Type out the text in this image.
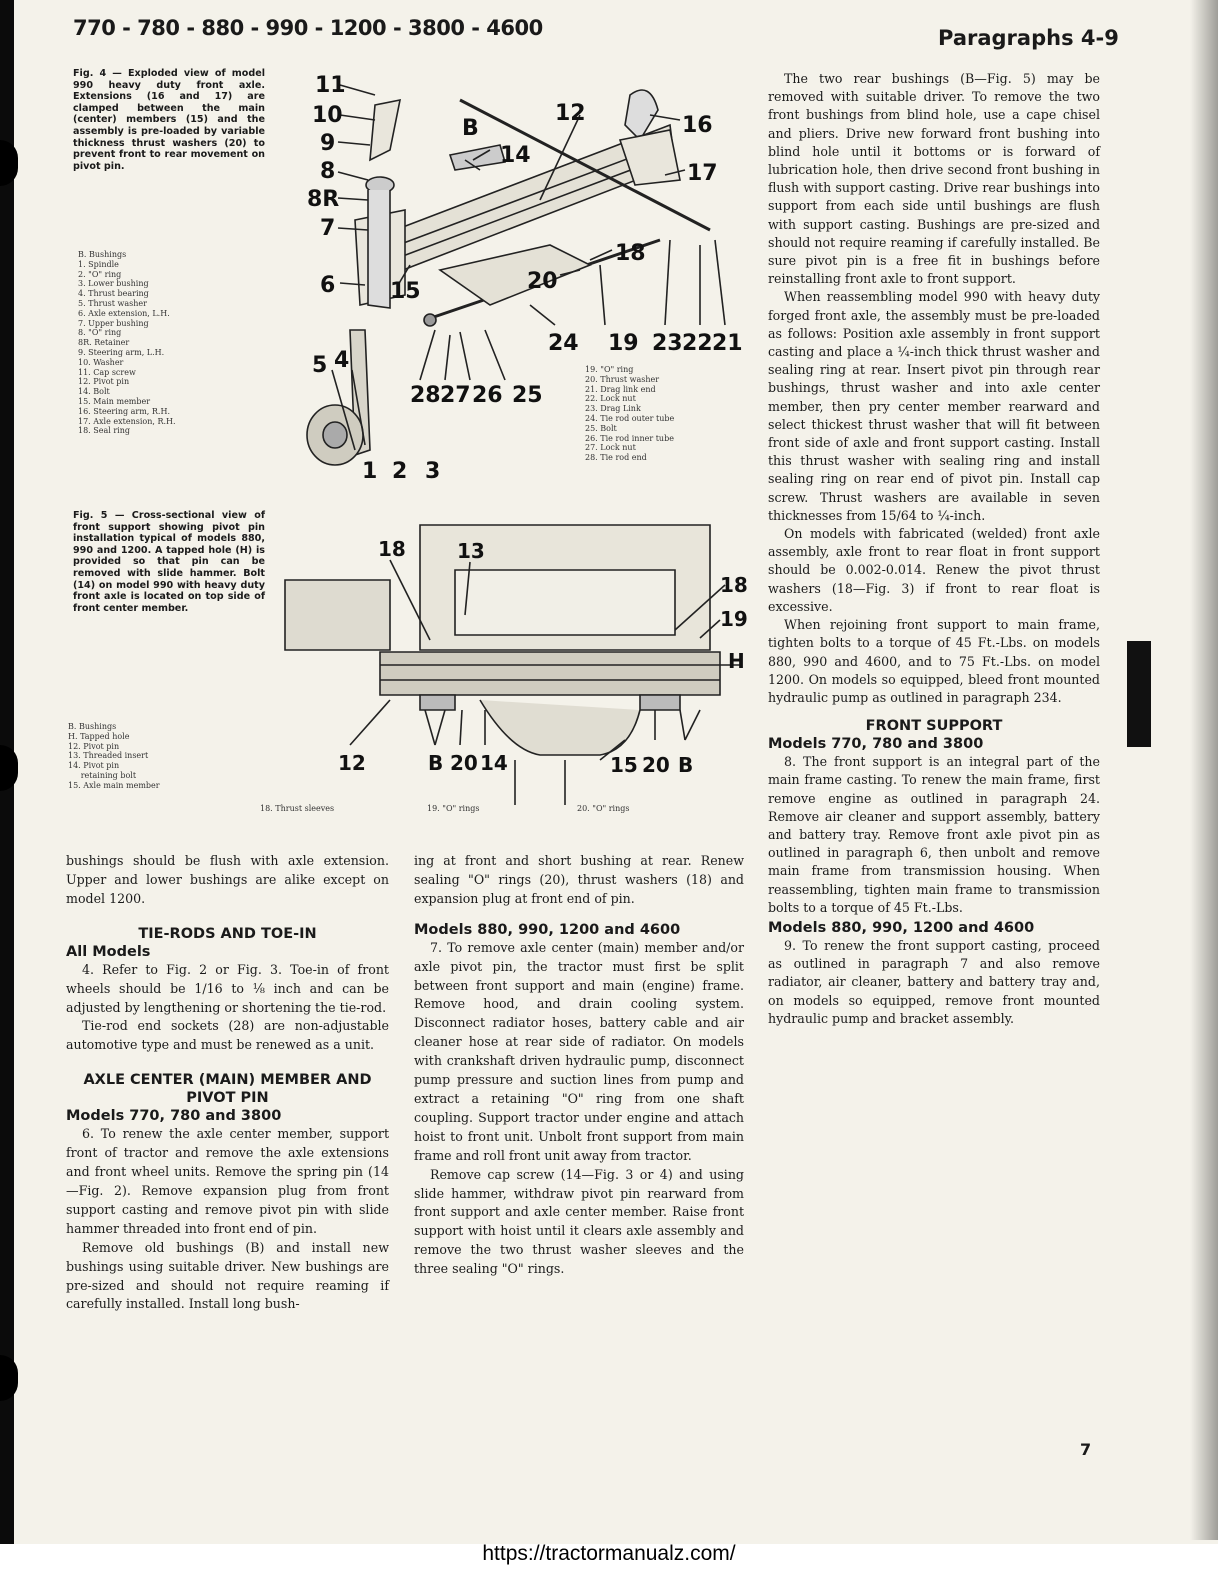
770 - 780 - 880 - 990 - 1200 - 3800 - 4600	Paragraphs 4-9
Fig. 4 — Exploded view of model 990 heavy duty front axle. Extensions (16 and 17) are clamped between the main (center) members (15) and the assembly is pre-loaded by variable thickness thrust washers (20) to prevent front to rear movement on pivot pin.
B. Bushings
1. Spindle
2. "O" ring
3. Lower bushing
4. Thrust bearing
5. Thrust washer
6. Axle extension, L.H.
7. Upper bushing
8. "O" ring
8R. Retainer
9. Steering arm, L.H.
10. Washer
11. Cap screw
12. Pivot pin
14. Bolt
15. Main member
16. Steering arm, R.H.
17. Axle extension, R.H.
18. Seal ring
19. "O" ring
20. Thrust washer
21. Drag link end
22. Lock nut
23. Drag Link
24. Tie rod outer tube
25. Bolt
26. Tie rod inner tube
27. Lock nut
28. Tie rod end
11
10
9
8
8R
7
6
B
12
14
16
17
18
15	20
24 19 23 22 21
5 4
1 2 3
28 27 26 25
Fig. 5 — Cross-sectional view of front support showing pivot pin installation typical of models 880, 990 and 1200. A tapped hole (H) is provided so that pin can be removed with slide hammer. Bolt (14) on model 990 with heavy duty front axle is located on top side of front center member.
B. Bushings
H. Tapped hole
12. Pivot pin
13. Threaded insert
14. Pivot pin
retaining bolt
15. Axle main member
18. Thrust sleeves	19. "O" rings	20. "O" rings
18	13
18
19
H
12	B 20 14	15 20 B

bushings should be flush with axle extension. Upper and lower bushings are alike except on model 1200.

TIE-RODS AND TOE-IN
All Models

4. Refer to Fig. 2 or Fig. 3. Toe-in of front wheels should be 1/16 to ⅛ inch and can be adjusted by lengthening or shortening the tie-rod.

Tie-rod end sockets (28) are non-adjustable automotive type and must be renewed as a unit.

AXLE CENTER (MAIN) MEMBER AND PIVOT PIN
Models 770, 780 and 3800

6. To renew the axle center member, support front of tractor and remove the axle extensions and front wheel units. Remove the spring pin (14—Fig. 2). Remove expansion plug from front support casting and remove pivot pin with slide hammer threaded into front end of pin.

Remove old bushings (B) and install new bushings using suitable driver. New bushings are pre-sized and should not require reaming if carefully installed. Install long bush-

ing at front and short bushing at rear. Renew sealing "O" rings (20), thrust washers (18) and expansion plug at front end of pin.

Models 880, 990, 1200 and 4600

7. To remove axle center (main) member and/or axle pivot pin, the tractor must first be split between front support and main (engine) frame. Remove hood, and drain cooling system. Disconnect radiator hoses, battery cable and air cleaner hose at rear side of radiator. On models with crankshaft driven hydraulic pump, disconnect pump pressure and suction lines from pump and extract a retaining "O" ring from one shaft coupling. Support tractor under engine and attach hoist to front unit. Unbolt front support from main frame and roll front unit away from tractor.

Remove cap screw (14—Fig. 3 or 4) and using slide hammer, withdraw pivot pin rearward from front support and axle center member. Raise front support with hoist until it clears axle assembly and remove the two thrust washer sleeves and the three sealing "O" rings.

The two rear bushings (B—Fig. 5) may be removed with suitable driver. To remove the two front bushings from blind hole, use a cape chisel and pliers. Drive new forward front bushing into blind hole until it bottoms or is forward of lubrication hole, then drive second front bushing in flush with support casting. Drive rear bushings into support from each side until bushings are flush with support casting. Bushings are pre-sized and should not require reaming if carefully installed. Be sure pivot pin is a free fit in bushings before reinstalling front axle to front support.

When reassembling model 990 with heavy duty forged front axle, the assembly must be pre-loaded as follows: Position axle assembly in front support casting and place a ¼-inch thick thrust washer and sealing ring at rear. Insert pivot pin through rear bushings, thrust washer and into axle center member, then pry center member rearward and select thickest thrust washer that will fit between front side of axle and front support casting. Install this thrust washer with sealing ring and install sealing ring on rear end of pivot pin. Install cap screw. Thrust washers are available in seven thicknesses from 15/64 to ¼-inch.

On models with fabricated (welded) front axle assembly, axle front to rear float in front support should be 0.002-0.014. Renew the pivot thrust washers (18—Fig. 3) if front to rear float is excessive.

When rejoining front support to main frame, tighten bolts to a torque of 45 Ft.-Lbs. on models 880, 990 and 4600, and to 75 Ft.-Lbs. on model 1200. On models so equipped, bleed front mounted hydraulic pump as outlined in paragraph 234.

FRONT SUPPORT
Models 770, 780 and 3800

8. The front support is an integral part of the main frame casting. To renew the main frame, first remove engine as outlined in paragraph 24. Remove air cleaner and support assembly, battery and battery tray. Remove front axle pivot pin as outlined in paragraph 6, then unbolt and remove main frame from transmission housing. When reassembling, tighten main frame to transmission bolts to a torque of 45 Ft.-Lbs.

Models 880, 990, 1200 and 4600

9. To renew the front support casting, proceed as outlined in paragraph 7 and also remove radiator, air cleaner, battery and battery tray and, on models so equipped, remove front mounted hydraulic pump and bracket assembly.

7
https://tractormanualz.com/
